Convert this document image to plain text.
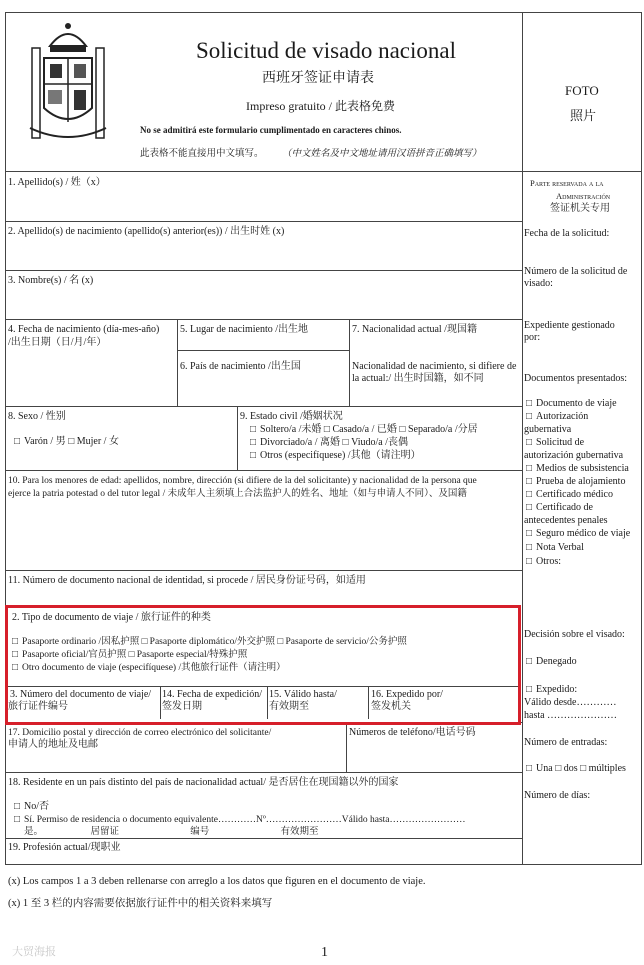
Solicitud de visado nacional
西班牙签证申请表
Impreso gratuito / 此表格免费
No se admitirá este formulario cumplimentado en caracteres chinos.
此表格不能直接用中文填写。 （中文姓名及中文地址请用汉语拼音正确填写）
FOTO
照片
Parte reservada a la
Administración
签证机关专用
Fecha de la solicitud:
Número de la solicitud de
visado:
Expediente gestionado
por:
Documentos presentados:
□ Documento de viaje
□ Autorización
gubernativa
□ Solicitud de
autorización gubernativa
□ Medios de subsistencia
□ Prueba de alojamiento
□ Certificado médico
□ Certificado de
antecedentes penales
□ Seguro médico de viaje
□ Nota Verbal
□ Otros:
Decisión sobre el visado:
□ Denegado
□ Expedido:
Válido desde…………
hasta …………………
Número de entradas:
□ Una □ dos □ múltiples
Número de días:
1. Apellido(s) / 姓（x）
2. Apellido(s) de nacimiento (apellido(s) anterior(es)) / 出生时姓 (x)
3. Nombre(s) / 名 (x)
4. Fecha de nacimiento (día-mes-año)
/出生日期（日/月/年）
5. Lugar de nacimiento /出生地
6. País de nacimiento /出生国
7. Nacionalidad actual /现国籍
Nacionalidad de nacimiento, si difiere de
la actual:/ 出生时国籍，如不同
8. Sexo / 性别
□ Varón / 男 □ Mujer / 女
9. Estado civil /婚姻状况
□ Soltero/a /未婚 □ Casado/a / 已婚 □ Separado/a /分居
□ Divorciado/a / 离婚 □ Viudo/a /丧偶
□ Otros (especifíquese) /其他（请注明）
10. Para los menores de edad: apellidos, nombre, dirección (si difiere de la del solicitante) y nacionalidad de la persona que
ejerce la patria potestad o del tutor legal / 未成年人主须填上合法监护人的姓名、地址（如与申请人不同）、及国籍
11. Número de documento nacional de identidad, si procede / 居民身份证号码，如适用
2. Tipo de documento de viaje / 旅行证件的种类
□ Pasaporte ordinario /因私护照 □ Pasaporte diplomático/外交护照 □ Pasaporte de servicio/公务护照
□ Pasaporte oficial/官员护照 □ Pasaporte especial/特殊护照
□ Otro documento de viaje (especifíquese) /其他旅行证件（请注明）
3. Número del documento de viaje/
旅行证件编号
14. Fecha de expedición/
签发日期
15. Válido hasta/
有效期至
16. Expedido por/
签发机关
17. Domicilio postal y dirección de correo electrónico del solicitante/
申请人的地址及电邮
Números de teléfono/电话号码
18. Residente en un país distinto del país de nacionalidad actual/ 是否居住在现国籍以外的国家
□ No/否
□ Sí. Permiso de residencia o documento equivalente…………Nº……………………Válido hasta……………………
是。                    居留证                              编号                              有效期至
19. Profesión actual/现职业
(x) Los campos 1 a 3 deben rellenarse con arreglo a los datos que figuren en el documento de viaje.
(x) 1 至 3 栏的内容需要依据旅行证件中的相关资料来填写
1
大贸海报
